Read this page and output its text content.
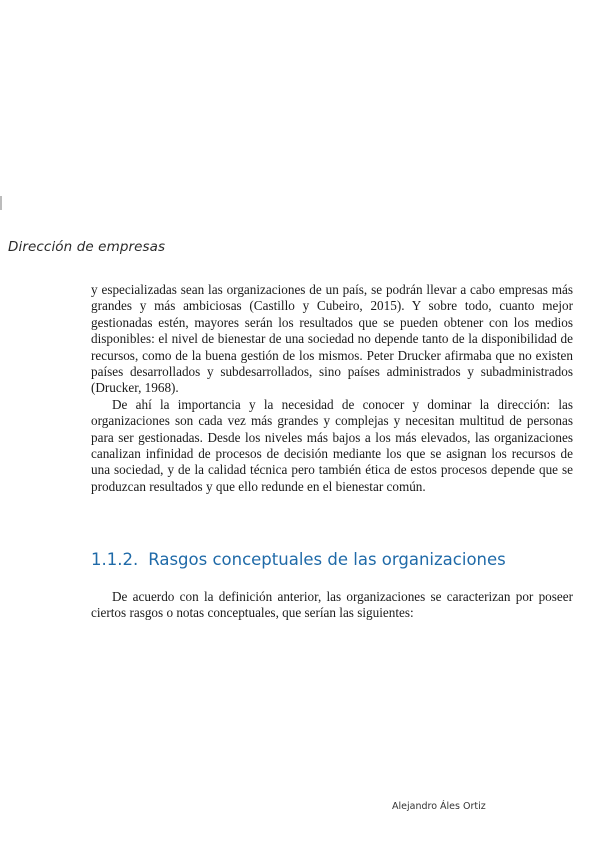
Dirección de empresas

y especializadas sean las organizaciones de un país, se podrán llevar a cabo empresas más grandes y más ambiciosas (Castillo y Cubeiro, 2015). Y sobre todo, cuanto mejor gestionadas estén, mayores serán los resultados que se pueden obtener con los medios disponibles: el nivel de bienestar de una sociedad no depende tanto de la disponibilidad de recursos, como de la buena gestión de los mismos. Peter Drucker afirmaba que no existen países desarrollados y subdesarrollados, sino países administrados y subadministrados (Drucker, 1968).

De ahí la importancia y la necesidad de conocer y dominar la dirección: las organizaciones son cada vez más grandes y complejas y necesitan multitud de personas para ser gestionadas. Desde los niveles más bajos a los más elevados, las organizaciones canalizan infinidad de procesos de decisión mediante los que se asignan los recursos de una sociedad, y de la calidad técnica pero también ética de estos procesos depende que se produzcan resultados y que ello redunde en el bienestar común.

1.1.2. Rasgos conceptuales de las organizaciones

De acuerdo con la definición anterior, las organizaciones se caracterizan por poseer ciertos rasgos o notas conceptuales, que serían las siguientes:

Alejandro Áles Ortiz
